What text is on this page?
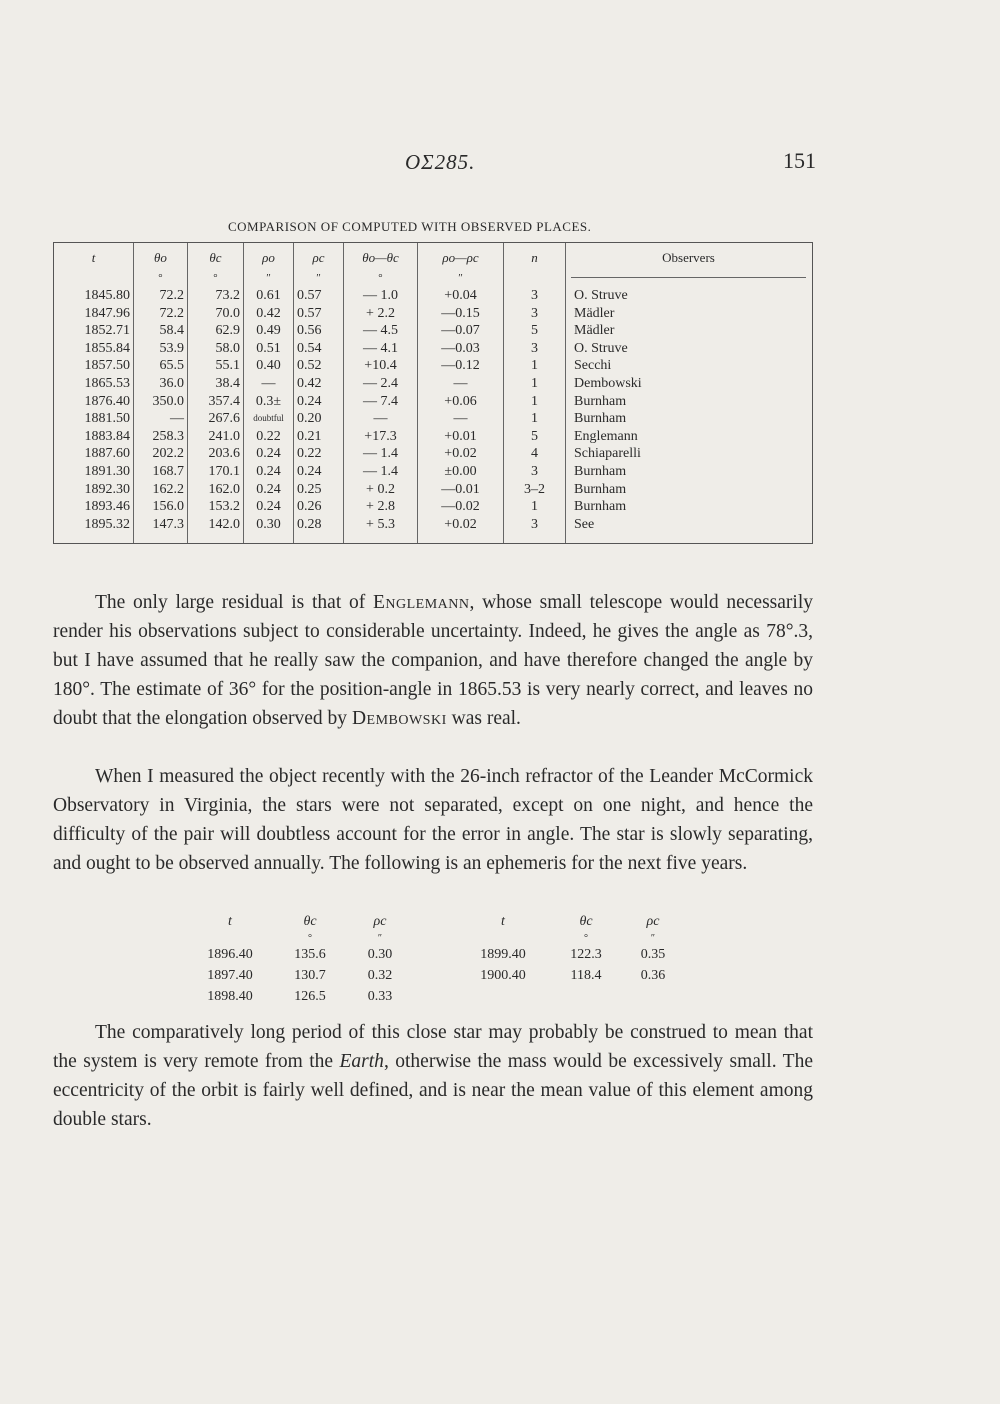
OΣ285.	151
COMPARISON OF COMPUTED WITH OBSERVED PLACES.
t
1845.80
1847.96
1852.71
1855.84
1857.50
1865.53
1876.40
1881.50
1883.84
1887.60
1891.30
1892.30
1893.46
1895.32
θo
°
72.2
72.2
58.4
53.9
65.5
36.0
350.0
—
258.3
202.2
168.7
162.2
156.0
147.3
θc
°
73.2
70.0
62.9
58.0
55.1
38.4
357.4
267.6
241.0
203.6
170.1
162.0
153.2
142.0
ρo
″
0.61
0.42
0.49
0.51
0.40
—
0.3±
doubtful
0.22
0.24
0.24
0.24
0.24
0.30
ρc
″
0.57
0.57
0.56
0.54
0.52
0.42
0.24
0.20
0.21
0.22
0.24
0.25
0.26
0.28
θo—θc
°
— 1.0
+ 2.2
— 4.5
— 4.1
+10.4
— 2.4
— 7.4
—
+17.3
— 1.4
— 1.4
+ 0.2
+ 2.8
+ 5.3
ρo—ρc
″
+0.04
—0.15
—0.07
—0.03
—0.12
—
+0.06
—
+0.01
+0.02
±0.00
—0.01
—0.02
+0.02
n
3
3
5
3
1
1
1
1
5
4
3
3–2
1
3
Observers
O. Struve
Mädler
Mädler
O. Struve
Secchi
Dembowski
Burnham
Burnham
Englemann
Schiaparelli
Burnham
Burnham
Burnham
See
The only large residual is that of Englemann, whose small telescope would necessarily render his observations subject to considerable uncertainty. Indeed, he gives the angle as 78°.3, but I have assumed that he really saw the companion, and have therefore changed the angle by 180°. The estimate of 36° for the position-angle in 1865.53 is very nearly correct, and leaves no doubt that the elongation observed by Dembowski was real.
When I measured the object recently with the 26-inch refractor of the Leander McCormick Observatory in Virginia, the stars were not separated, except on one night, and hence the difficulty of the pair will doubtless account for the error in angle. The star is slowly separating, and ought to be observed annually. The following is an ephemeris for the next five years.
t
1896.40
1897.40
1898.40
θc
°
135.6
130.7
126.5
ρc
″
0.30
0.32
0.33
t
1899.40
1900.40
θc
°
122.3
118.4
ρc
″
0.35
0.36
The comparatively long period of this close star may probably be construed to mean that the system is very remote from the Earth, otherwise the mass would be excessively small. The eccentricity of the orbit is fairly well defined, and is near the mean value of this element among double stars.
